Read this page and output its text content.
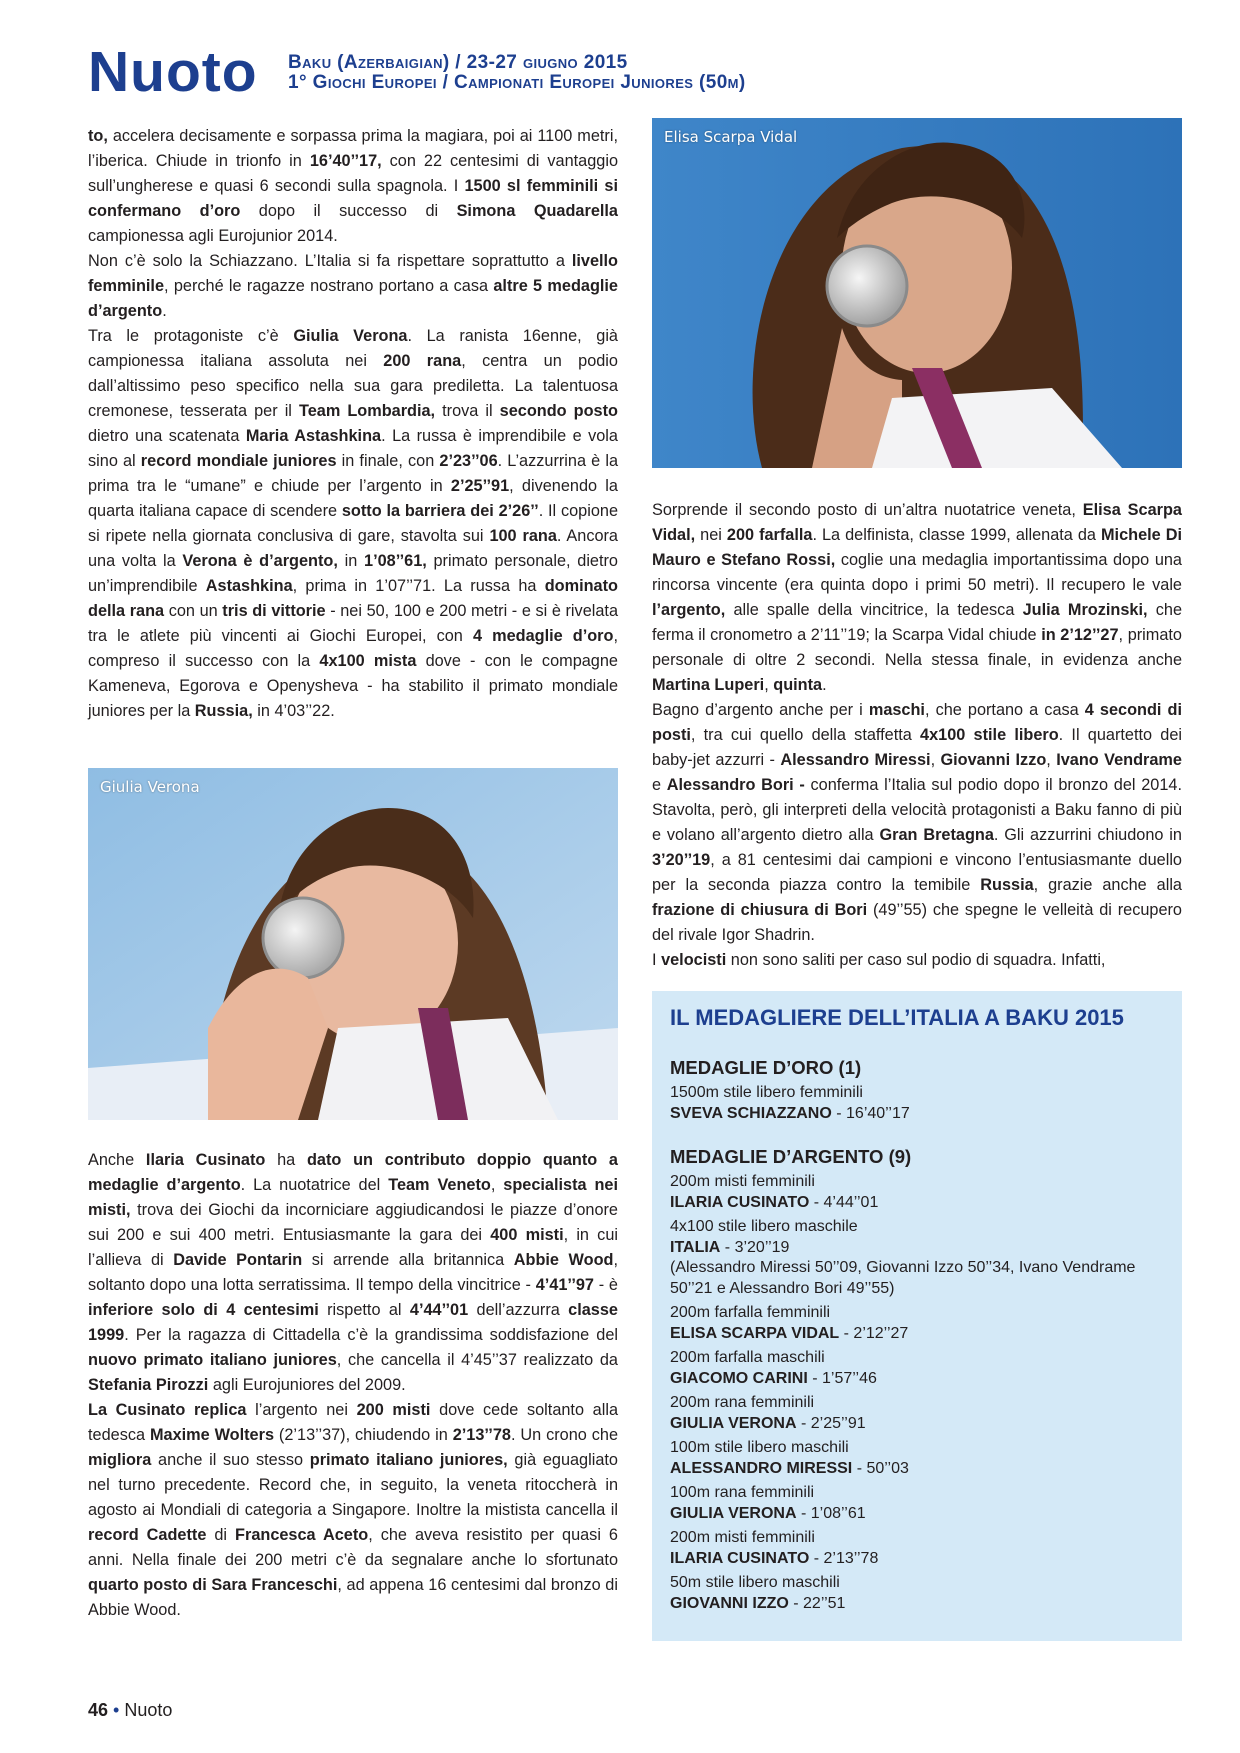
Nuoto Baku (Azerbaigian) / 23-27 giugno 2015
1° Giochi Europei / Campionati Europei Juniores (50m)

to, accelera decisamente e sorpassa prima la magiara, poi ai 1100 metri, l’iberica. Chiude in trionfo in 16’40’’17, con 22 centesimi di vantaggio sull’ungherese e quasi 6 secondi sulla spagnola. I 1500 sl femminili si confermano d’oro dopo il successo di Simona Quadarella campionessa agli Eurojunior 2014.

Non c’è solo la Schiazzano. L’Italia si fa rispettare soprattutto a livello femminile, perché le ragazze nostrano portano a casa altre 5 medaglie d’argento.

Tra le protagoniste c’è Giulia Verona. La ranista 16enne, già campionessa italiana assoluta nei 200 rana, centra un podio dall’altissimo peso specifico nella sua gara prediletta. La talentuosa cremonese, tesserata per il Team Lombardia, trova il secondo posto dietro una scatenata Maria Astashkina. La russa è imprendibile e vola sino al record mondiale juniores in finale, con 2’23’’06. L’azzurrina è la prima tra le “umane” e chiude per l’argento in 2’25’’91, divenendo la quarta italiana capace di scendere sotto la barriera dei 2’26’’. Il copione si ripete nella giornata conclusiva di gare, stavolta sui 100 rana. Ancora una volta la Verona è d’argento, in 1’08’’61, primato personale, dietro un’imprendibile Astashkina, prima in 1’07’’71. La russa ha dominato della rana con un tris di vittorie - nei 50, 100 e 200 metri - e si è rivelata tra le atlete più vincenti ai Giochi Europei, con 4 medaglie d’oro, compreso il successo con la 4x100 mista dove - con le compagne Kameneva, Egorova e Openysheva - ha stabilito il primato mondiale juniores per la Russia, in 4’03’’22.

Giulia Verona

Anche Ilaria Cusinato ha dato un contributo doppio quanto a medaglie d’argento. La nuotatrice del Team Veneto, specialista nei misti, trova dei Giochi da incorniciare aggiudicandosi le piazze d’onore sui 200 e sui 400 metri. Entusiasmante la gara dei 400 misti, in cui l’allieva di Davide Pontarin si arrende alla britannica Abbie Wood, soltanto dopo una lotta serratissima. Il tempo della vincitrice - 4’41’’97 - è inferiore solo di 4 centesimi rispetto al 4’44’’01 dell’azzurra classe 1999. Per la ragazza di Cittadella c’è la grandissima soddisfazione del nuovo primato italiano juniores, che cancella il 4’45’’37 realizzato da Stefania Pirozzi agli Eurojuniores del 2009.

La Cusinato replica l’argento nei 200 misti dove cede soltanto alla tedesca Maxime Wolters (2’13’’37), chiudendo in 2’13’’78. Un crono che migliora anche il suo stesso primato italiano juniores, già eguagliato nel turno precedente. Record che, in seguito, la veneta ritoccherà in agosto ai Mondiali di categoria a Singapore. Inoltre la mistista cancella il record Cadette di Francesca Aceto, che aveva resistito per quasi 6 anni. Nella finale dei 200 metri c’è da segnalare anche lo sfortunato quarto posto di Sara Franceschi, ad appena 16 centesimi dal bronzo di Abbie Wood.

Elisa Scarpa Vidal

Sorprende il secondo posto di un’altra nuotatrice veneta, Elisa Scarpa Vidal, nei 200 farfalla. La delfinista, classe 1999, allenata da Michele Di Mauro e Stefano Rossi, coglie una medaglia importantissima dopo una rincorsa vincente (era quinta dopo i primi 50 metri). Il recupero le vale l’argento, alle spalle della vincitrice, la tedesca Julia Mrozinski, che ferma il cronometro a 2’11’’19; la Scarpa Vidal chiude in 2’12’’27, primato personale di oltre 2 secondi. Nella stessa finale, in evidenza anche Martina Luperi, quinta.

Bagno d’argento anche per i maschi, che portano a casa 4 secondi di posti, tra cui quello della staffetta 4x100 stile libero. Il quartetto dei baby-jet azzurri - Alessandro Miressi, Giovanni Izzo, Ivano Vendrame e Alessandro Bori - conferma l’Italia sul podio dopo il bronzo del 2014. Stavolta, però, gli interpreti della velocità protagonisti a Baku fanno di più e volano all’argento dietro alla Gran Bretagna. Gli azzurrini chiudono in 3’20’’19, a 81 centesimi dai campioni e vincono l’entusiasmante duello per la seconda piazza contro la temibile Russia, grazie anche alla frazione di chiusura di Bori (49’’55) che spegne le velleità di recupero del rivale Igor Shadrin.

I velocisti non sono saliti per caso sul podio di squadra. Infatti,

IL MEDAGLIERE DELL’ITALIA A BAKU 2015
MEDAGLIE D’ORO (1)
1500m stile libero femminili
SVEVA SCHIAZZANO - 16’40’’17
MEDAGLIE D’ARGENTO (9)
200m misti femminili
ILARIA CUSINATO - 4’44’’01
4x100 stile libero maschile
ITALIA - 3’20’’19
(Alessandro Miressi 50’’09, Giovanni Izzo 50’’34, Ivano Vendrame 50’’21 e Alessandro Bori 49’’55)
200m farfalla femminili
ELISA SCARPA VIDAL - 2’12’’27
200m farfalla maschili
GIACOMO CARINI - 1’57’’46
200m rana femminili
GIULIA VERONA - 2’25’’91
100m stile libero maschili
ALESSANDRO MIRESSI - 50’’03
100m rana femminili
GIULIA VERONA - 1’08’’61
200m misti femminili
ILARIA CUSINATO - 2’13’’78
50m stile libero maschili
GIOVANNI IZZO - 22’’51
46 • Nuoto
